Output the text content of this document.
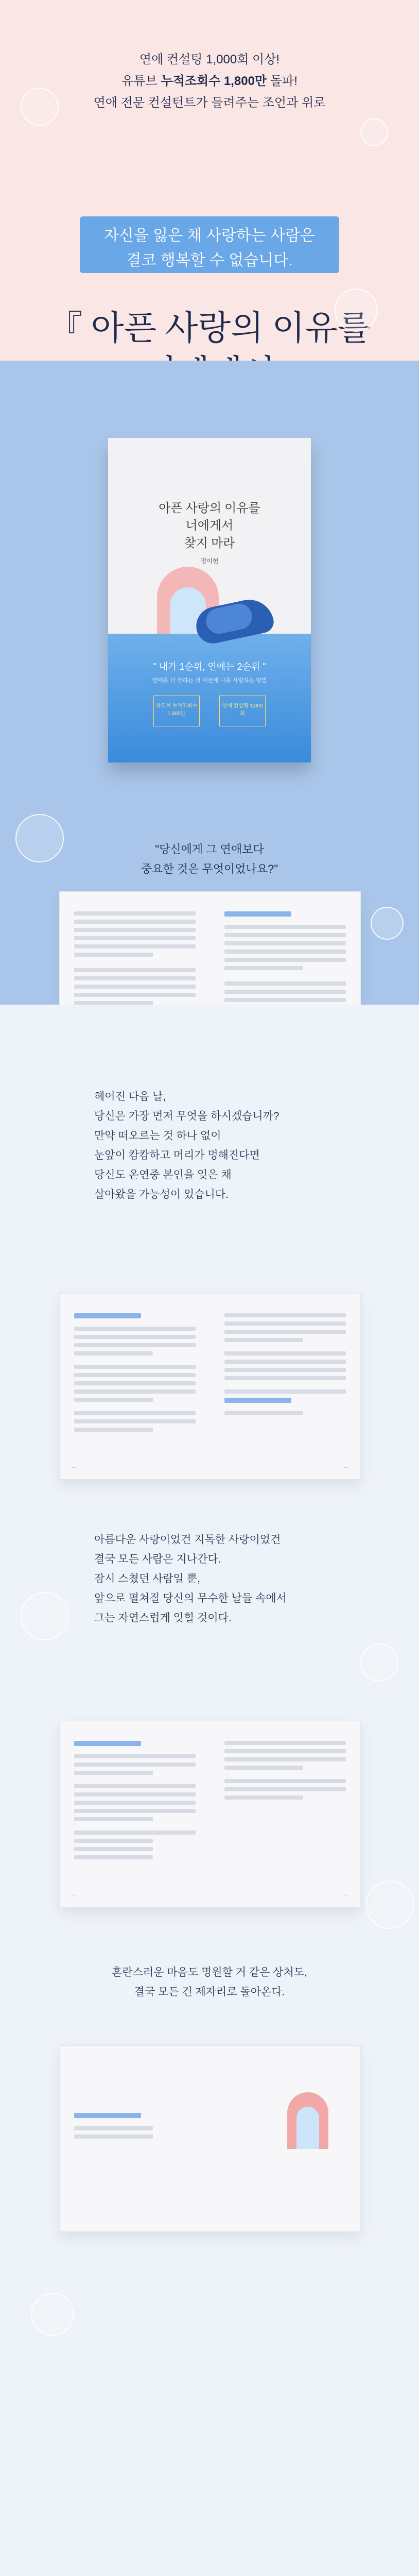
연애 컨설팅 1,000회 이상!
유튜브 누적조회수 1,800만 돌파!
연애 전문 컨설턴트가 들려주는 조언과 위로
자신을 잃은 채 사랑하는 사람은
결코 행복할 수 없습니다.
『 아픈 사랑의 이유를
아픈 사랑의 이유를
너에게서
찾지 마라
정이현
" 내가 1순위, 연애는 2순위 "
연애를 더 잘하는 것 이전에 나를 사랑하는 방법
유튜브 누적조회수 1,800만
연애 컨설팅 1,000회
"당신에게 그 연애보다
중요한 것은 무엇이었나요?"
헤어진 다음 날,
당신은 가장 먼저 무엇을 하시겠습니까?
만약 떠오르는 것 하나 없이
눈앞이 캄캄하고 머리가 멍해진다면
당신도 온연중 본인을 잊은 채
살아왔을 가능성이 있습니다.
ㅡ	ㅡ
아름다운 사랑이었건 지독한 사랑이었건
결국 모든 사람은 지나간다.
잠시 스쳤던 사람일 뿐,
앞으로 펼쳐질 당신의 무수한 날들 속에서
그는 자연스럽게 잊힐 것이다.
ㅡ	ㅡ
혼란스러운 마음도 명원할 거 같은 상처도,
결국 모든 건 제자리로 돌아온다.
